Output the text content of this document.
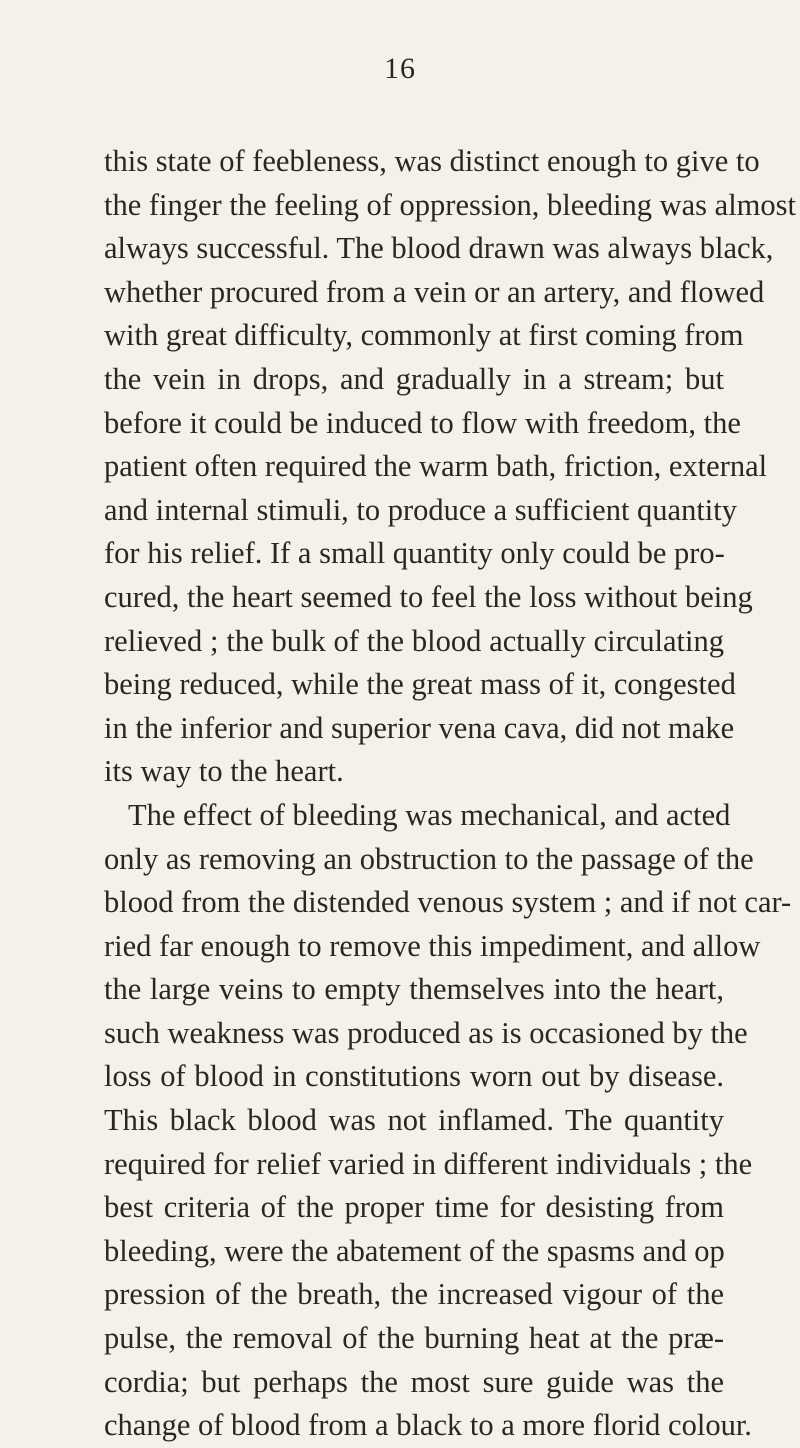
16
this state of feebleness, was distinct enough to give to
the finger the feeling of oppression, bleeding was almost
always successful. The blood drawn was always black,
whether procured from a vein or an artery, and flowed
with great difficulty, commonly at first coming from
the vein in drops, and gradually in a stream; but
before it could be induced to flow with freedom, the
patient often required the warm bath, friction, external
and internal stimuli, to produce a sufficient quantity
for his relief. If a small quantity only could be pro-
cured, the heart seemed to feel the loss without being
relieved ; the bulk of the blood actually circulating
being reduced, while the great mass of it, congested
in the inferior and superior vena cava, did not make
its way to the heart.
The effect of bleeding was mechanical, and acted
only as removing an obstruction to the passage of the
blood from the distended venous system ; and if not car-
ried far enough to remove this impediment, and allow
the large veins to empty themselves into the heart,
such weakness was produced as is occasioned by the
loss of blood in constitutions worn out by disease.
This black blood was not inflamed. The quantity
required for relief varied in different individuals ; the
best criteria of the proper time for desisting from
bleeding, were the abatement of the spasms and op
pression of the breath, the increased vigour of the
pulse, the removal of the burning heat at the præ-
cordia; but perhaps the most sure guide was the
change of blood from a black to a more florid colour.
